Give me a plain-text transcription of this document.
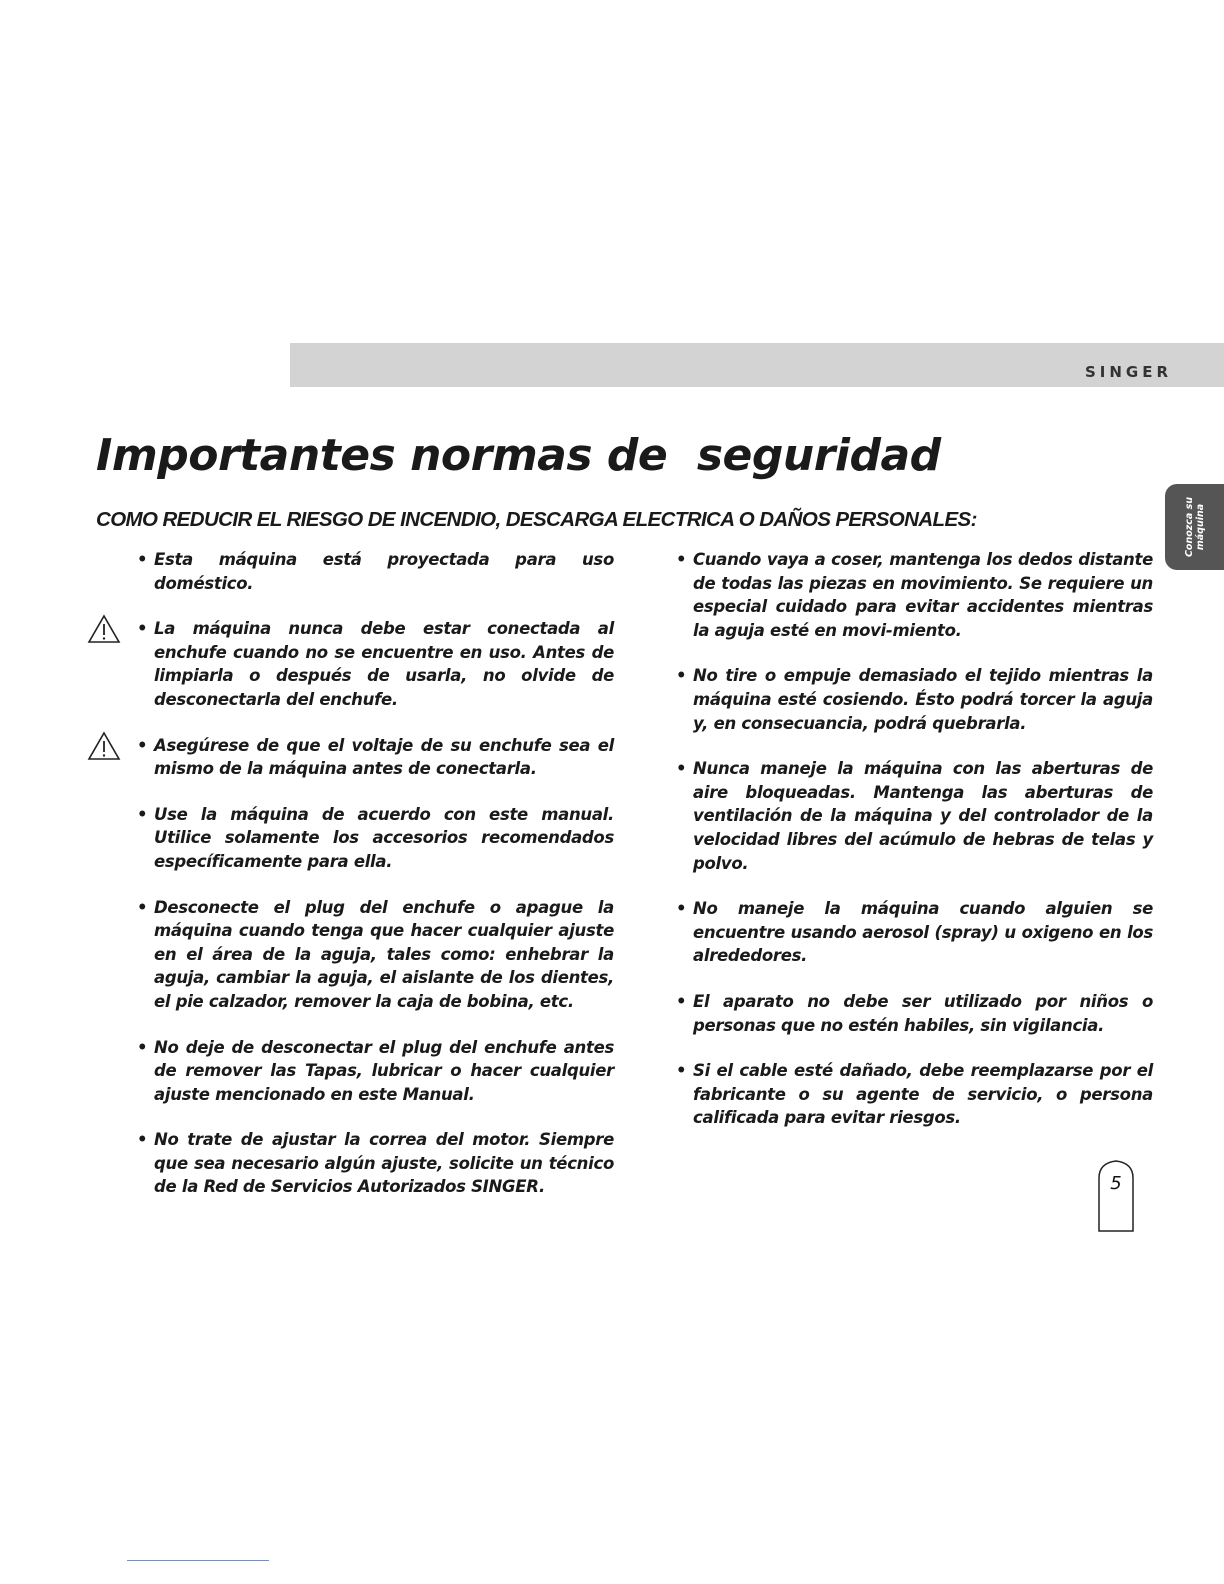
SINGER
Conozca su máquina
Importantes normas de  seguridad
COMO REDUCIR EL RIESGO DE INCENDIO, DESCARGA ELECTRICA O DAÑOS PERSONALES:

• Esta máquina está proyectada para uso doméstico.

• La máquina nunca debe estar conectada al enchufe cuando no se encuentre en uso. Antes de limpiarla o después de usarla, no olvide de desconectarla del enchufe.

• Asegúrese de que el voltaje de su enchufe sea el mismo de la máquina antes de conectarla.

• Use la máquina de acuerdo con este manual. Utilice solamente los accesorios recomendados específicamente para ella.

• Desconecte el plug del enchufe o apague la máquina cuando tenga que hacer cualquier ajuste en el área de la aguja, tales como: enhebrar la aguja, cambiar la aguja, el aislante de los dientes, el pie calzador, remover la caja de bobina, etc.

• No deje de desconectar el plug del enchufe antes de remover las Tapas, lubricar o hacer cualquier ajuste mencionado en este Manual.

• No trate de ajustar la correa del motor. Siempre que sea necesario algún ajuste, solicite un técnico de la Red de Servicios Autorizados SINGER.

• Cuando vaya a coser, mantenga los dedos distante de todas las piezas en movimiento. Se requiere un especial cuidado para evitar accidentes mientras la aguja esté en movi-miento.

• No tire o empuje demasiado el tejido mientras la máquina esté cosiendo. Ésto podrá torcer la aguja y, en consecuancia, podrá quebrarla.

• Nunca maneje la máquina con las aberturas de aire bloqueadas. Mantenga las aberturas de ventilación de la máquina y del controlador de la velocidad libres del acúmulo de hebras de telas y polvo.

• No maneje la máquina cuando alguien se encuentre usando aerosol (spray) u oxigeno en los alrededores.

• El aparato no debe ser utilizado por niños o personas que no estén habiles, sin vigilancia.

• Si el cable esté dañado, debe reemplazarse por el fabricante o su agente de servicio, o persona calificada para evitar riesgos.

5
